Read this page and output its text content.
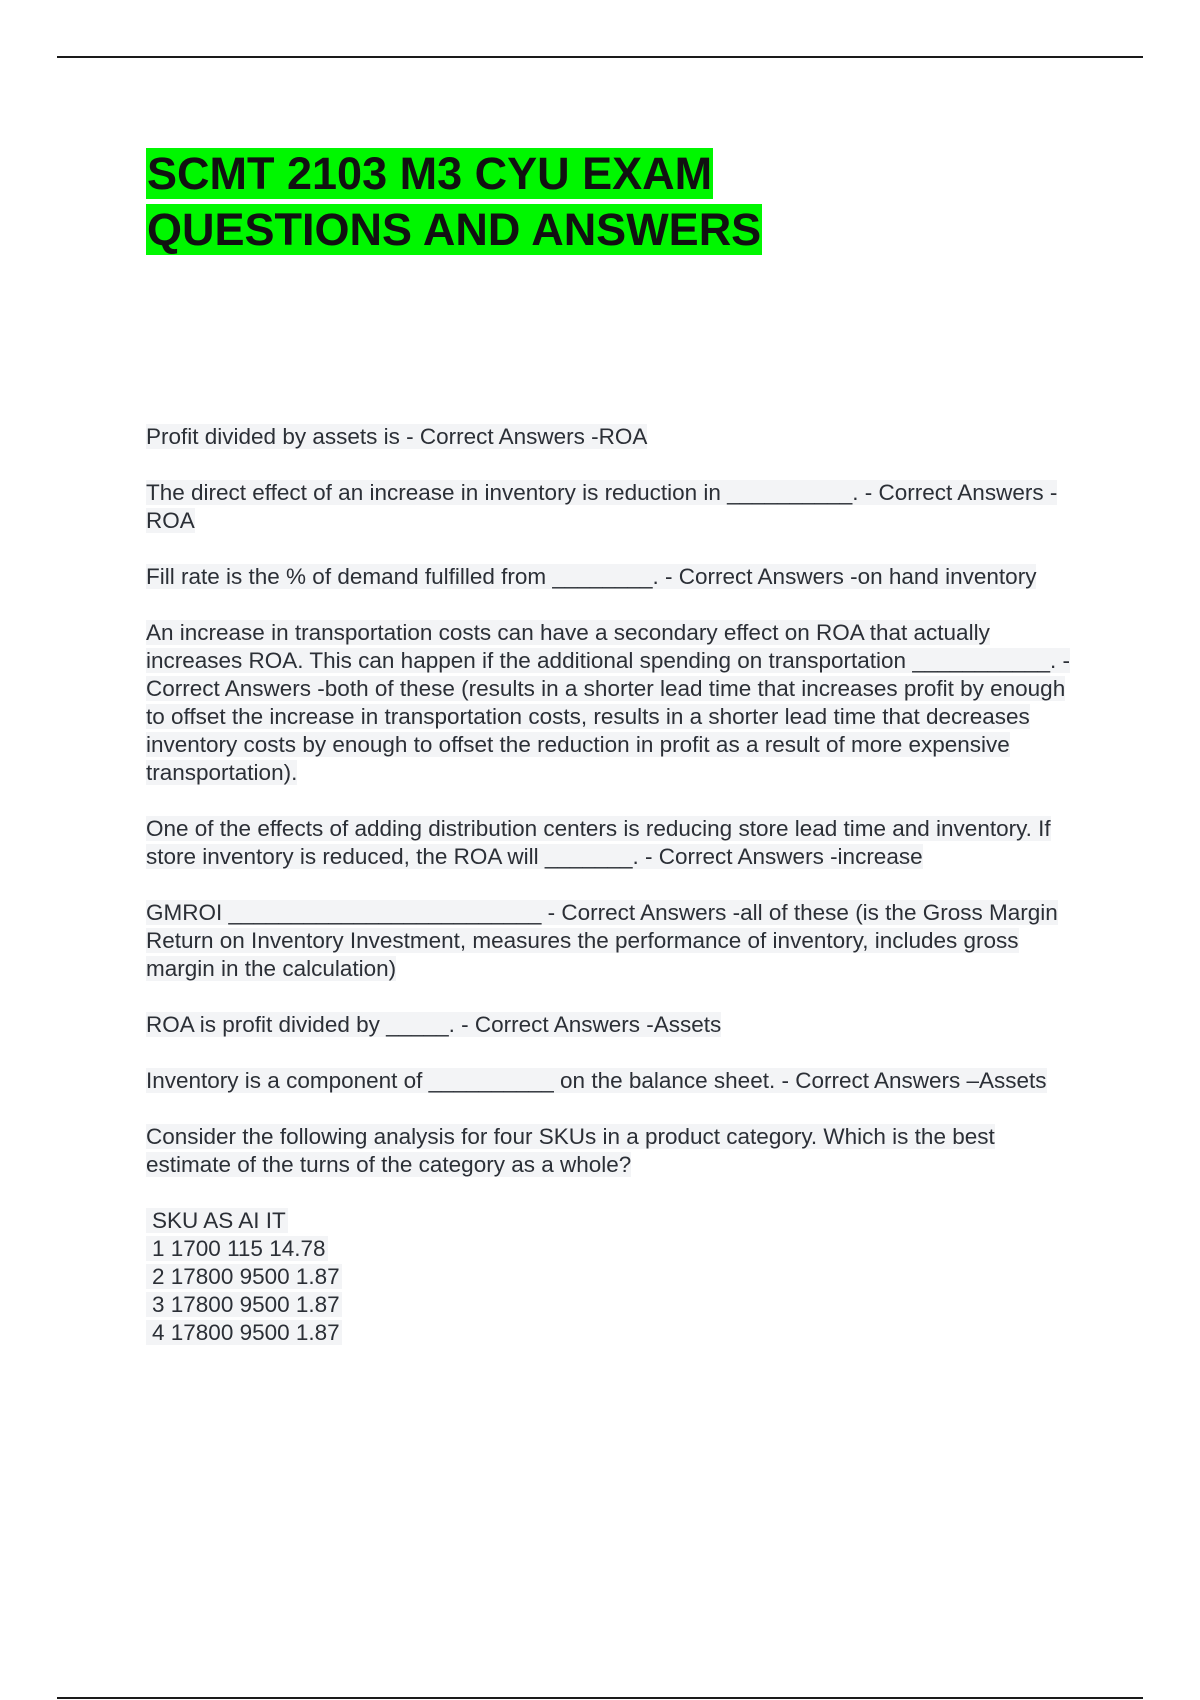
SCMT 2103 M3 CYU EXAM
QUESTIONS AND ANSWERS

Profit divided by assets is - Correct Answers -ROA

The direct effect of an increase in inventory is reduction in __________. - Correct Answers -ROA

Fill rate is the % of demand fulfilled from ________. - Correct Answers -on hand inventory

An increase in transportation costs can have a secondary effect on ROA that actually increases ROA. This can happen if the additional spending on transportation ___________. - Correct Answers -both of these (results in a shorter lead time that increases profit by enough to offset the increase in transportation costs, results in a shorter lead time that decreases inventory costs by enough to offset the reduction in profit as a result of more expensive transportation).

One of the effects of adding distribution centers is reducing store lead time and inventory. If store inventory is reduced, the ROA will _______. - Correct Answers -increase

GMROI _________________________ - Correct Answers -all of these (is the Gross Margin Return on Inventory Investment, measures the performance of inventory, includes gross margin in the calculation)

ROA is profit divided by _____. - Correct Answers -Assets

Inventory is a component of __________ on the balance sheet. - Correct Answers –Assets

Consider the following analysis for four SKUs in a product category. Which is the best estimate of the turns of the category as a whole?

SKU AS AI IT
1 1700 115 14.78
2 17800 9500 1.87
3 17800 9500 1.87
4 17800 9500 1.87
